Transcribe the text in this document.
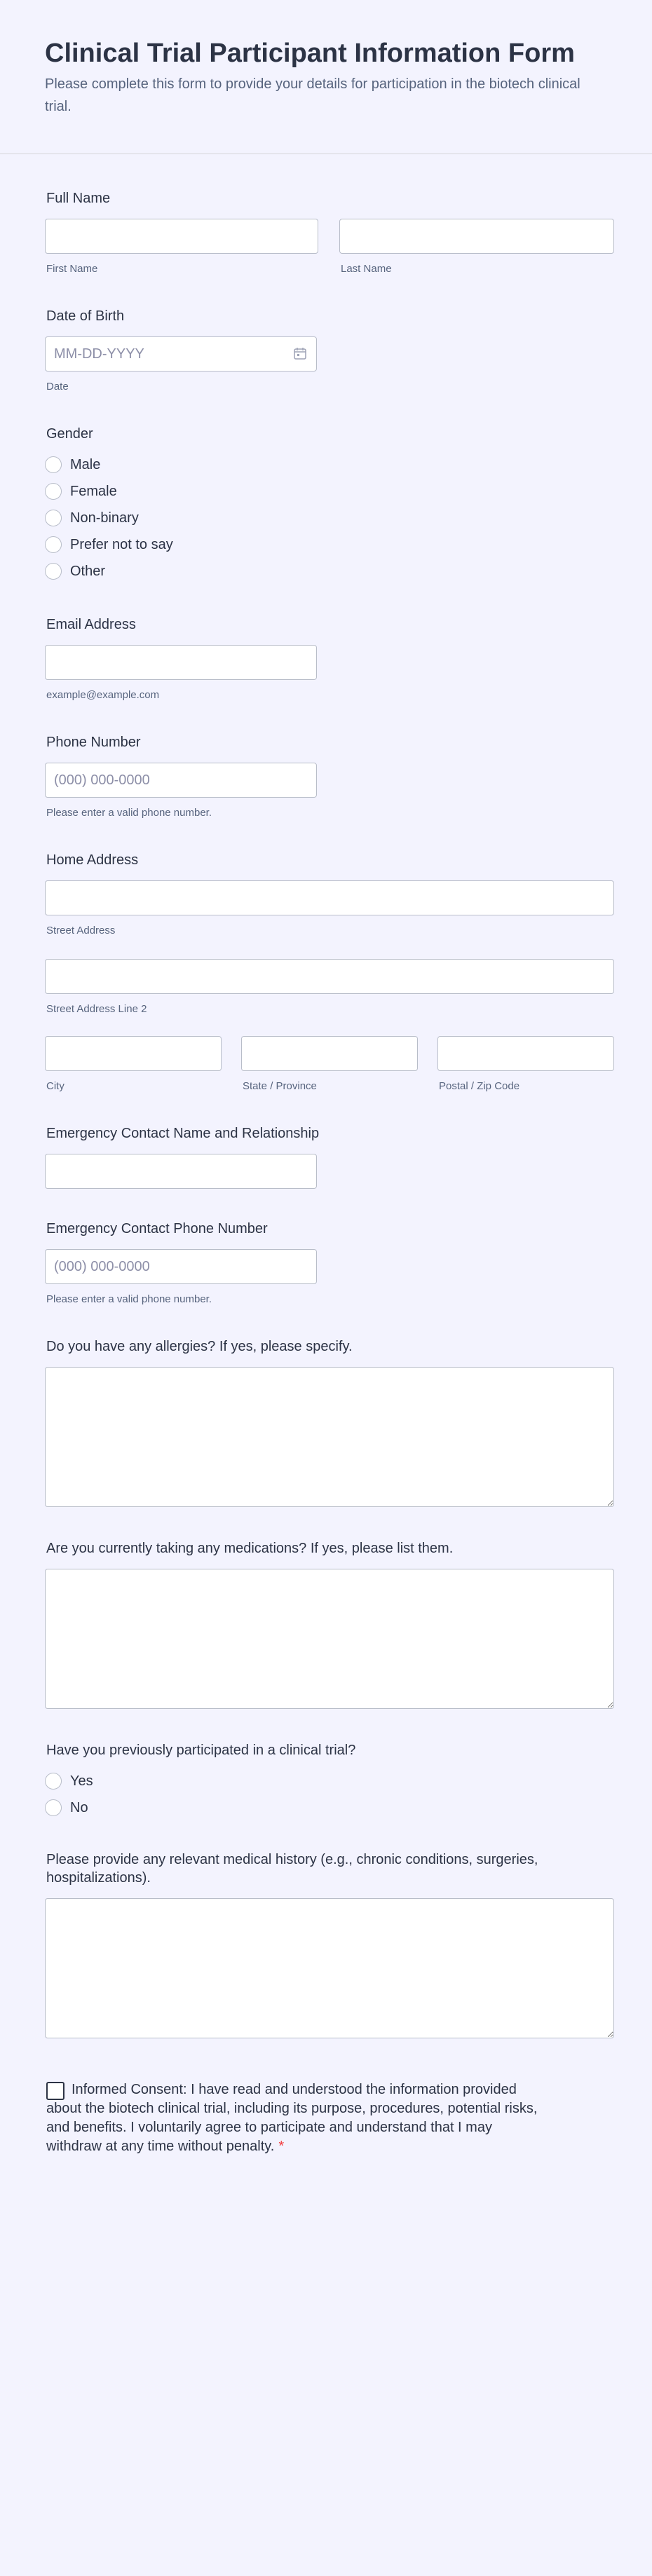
Clinical Trial Participant Information Form

Please complete this form to provide your details for participation in the biotech clinical trial.

Full Name
First Name	Last Name
Date of Birth
MM-DD-YYYY
Date
Gender
Male
Female
Non-binary
Prefer not to say
Other
Email Address
example@example.com
Phone Number
(000) 000-0000
Please enter a valid phone number.
Home Address
Street Address
Street Address Line 2
City	State / Province	Postal / Zip Code
Emergency Contact Name and Relationship
Emergency Contact Phone Number
(000) 000-0000
Please enter a valid phone number.
Do you have any allergies? If yes, please specify.
Are you currently taking any medications? If yes, please list them.
Have you previously participated in a clinical trial?
Yes
No
Please provide any relevant medical history (e.g., chronic conditions, surgeries, hospitalizations).
Informed Consent: I have read and understood the information provided about the biotech clinical trial, including its purpose, procedures, potential risks, and benefits. I voluntarily agree to participate and understand that I may withdraw at any time without penalty. *
